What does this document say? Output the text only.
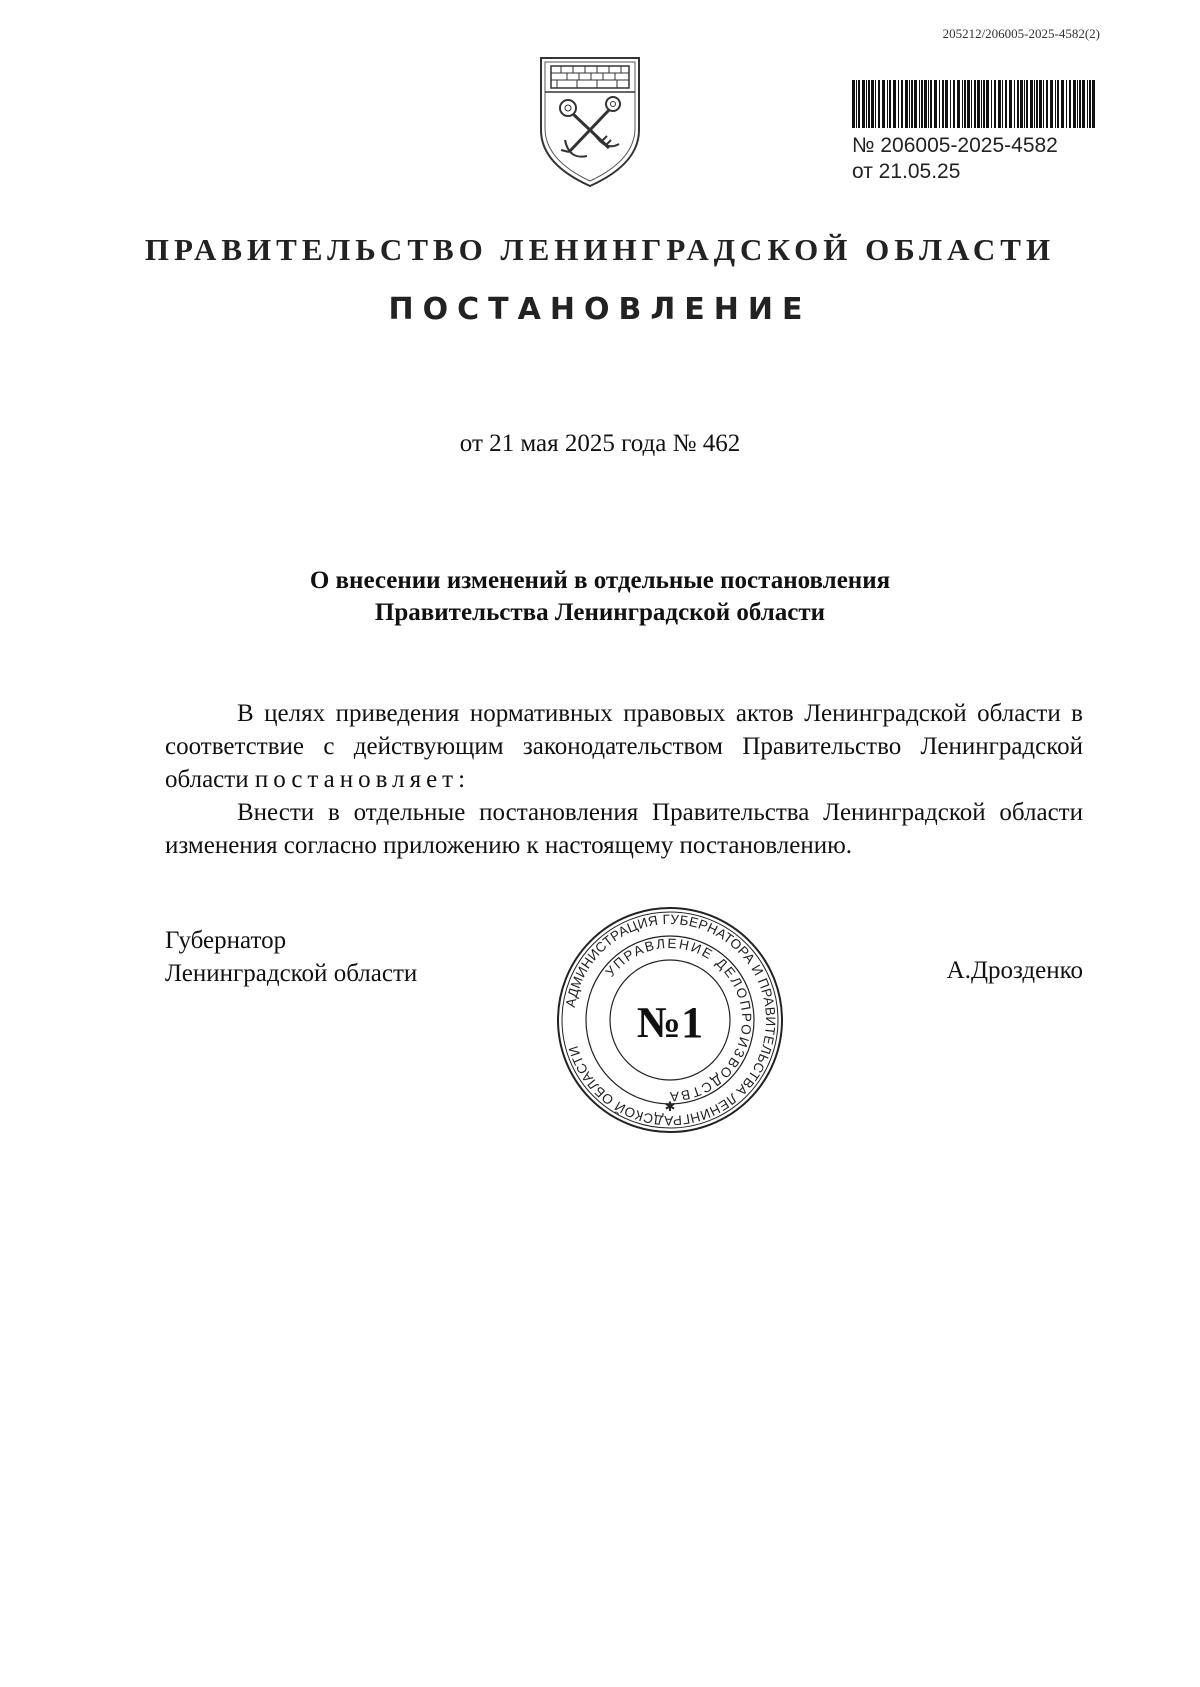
205212/206005-2025-4582(2)
№ 206005-2025-4582
от 21.05.25
ПРАВИТЕЛЬСТВО ЛЕНИНГРАДСКОЙ ОБЛАСТИ
ПОСТАНОВЛЕНИЕ
от 21 мая 2025 года № 462
О внесении изменений в отдельные постановления
Правительства Ленинградской области

В целях приведения нормативных правовых актов Ленинградской области в соответствие с действующим законодательством Правительство Ленинградской области постановляет:

Внести в отдельные постановления Правительства Ленинградской области изменения согласно приложению к настоящему постановлению.

Губернатор
Ленинградской области	А.Дрозденко
АДМИНИСТРАЦИЯ ГУБЕРНАТОРА И ПРАВИТЕЛЬСТВА ЛЕНИНГРАДСКОЙ ОБЛАСТИ
УПРАВЛЕНИЕ ДЕЛОПРОИЗВОДСТВА
№1
✱
